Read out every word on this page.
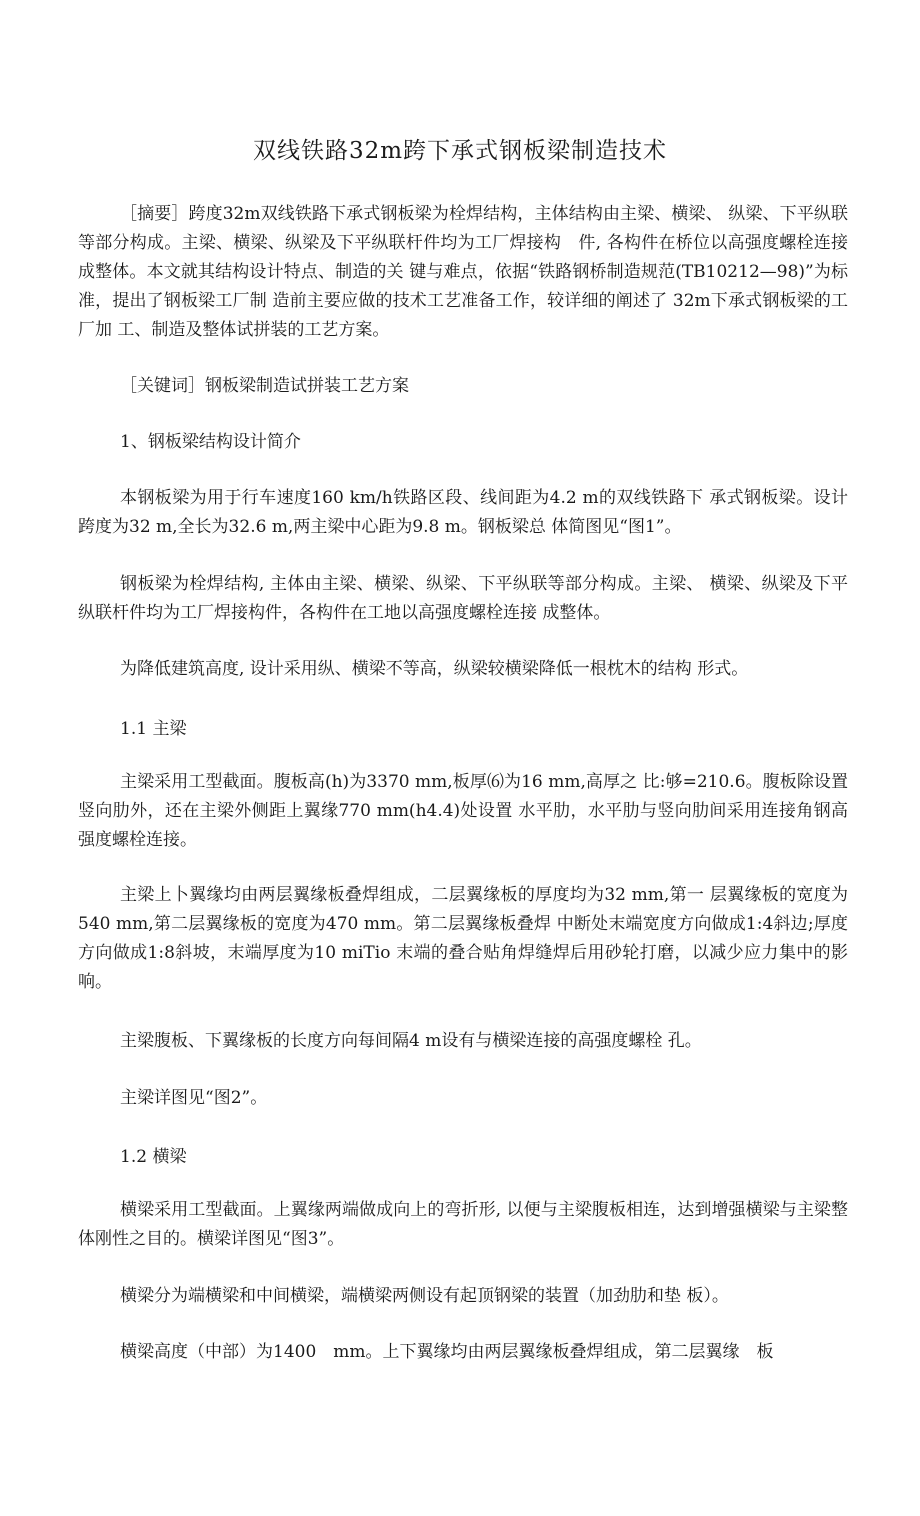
双线铁路32m跨下承式钢板梁制造技术

［摘要］跨度32m双线铁路下承式钢板梁为栓焊结构，主体结构由主梁、横梁、 纵梁、下平纵联等部分构成。主梁、横梁、纵梁及下平纵联杆件均为工厂焊接构　件, 各构件在桥位以高强度螺栓连接成整体。本文就其结构设计特点、制造的关 键与难点，依据“铁路钢桥制造规范(TB10212—98)”为标准，提出了钢板梁工厂制 造前主要应做的技术工艺准备工作，较详细的阐述了 32m下承式钢板梁的工厂加 工、制造及整体试拼装的工艺方案。

［关键词］钢板梁制造试拼装工艺方案

1、钢板梁结构设计简介

本钢板梁为用于行车速度160 km/h铁路区段、线间距为4.2 m的双线铁路下 承式钢板梁。设计跨度为32 m,全长为32.6 m,两主梁中心距为9.8 m。钢板梁总 体简图见“图1”。

钢板梁为栓焊结构, 主体由主梁、横梁、纵梁、下平纵联等部分构成。主梁、 横梁、纵梁及下平纵联杆件均为工厂焊接构件，各构件在工地以高强度螺栓连接 成整体。

为降低建筑高度, 设计采用纵、横梁不等高，纵梁较横梁降低一根枕木的结构 形式。

1.1 主梁

主梁采用工型截面。腹板高(h)为3370 mm,板厚⑹为16 mm,高厚之 比:够=210.6。腹板除设置竖向肋外，还在主梁外侧距上翼缘770 mm(h4.4)处设置 水平肋，水平肋与竖向肋间采用连接角钢高强度螺栓连接。

主梁上卜翼缘均由两层翼缘板叠焊组成，二层翼缘板的厚度均为32 mm,第一 层翼缘板的宽度为540 mm,第二层翼缘板的宽度为470 mm。第二层翼缘板叠焊 中断处末端宽度方向做成1:4斜边;厚度方向做成1:8斜坡，末端厚度为10 miTio 末端的叠合贴角焊缝焊后用砂轮打磨，以减少应力集中的影响。

主梁腹板、下翼缘板的长度方向每间隔4 m设有与横梁连接的高强度螺栓 孔。

主梁详图见“图2”。

1.2 横梁

横梁采用工型截面。上翼缘两端做成向上的弯折形, 以便与主梁腹板相连，达到增强横梁与主梁整体刚性之目的。横梁详图见“图3”。

横梁分为端横梁和中间横梁，端横梁两侧设有起顶钢梁的装置（加劲肋和垫 板）。

横梁高度（中部）为1400　mm。上下翼缘均由两层翼缘板叠焊组成，第二层翼缘　板
